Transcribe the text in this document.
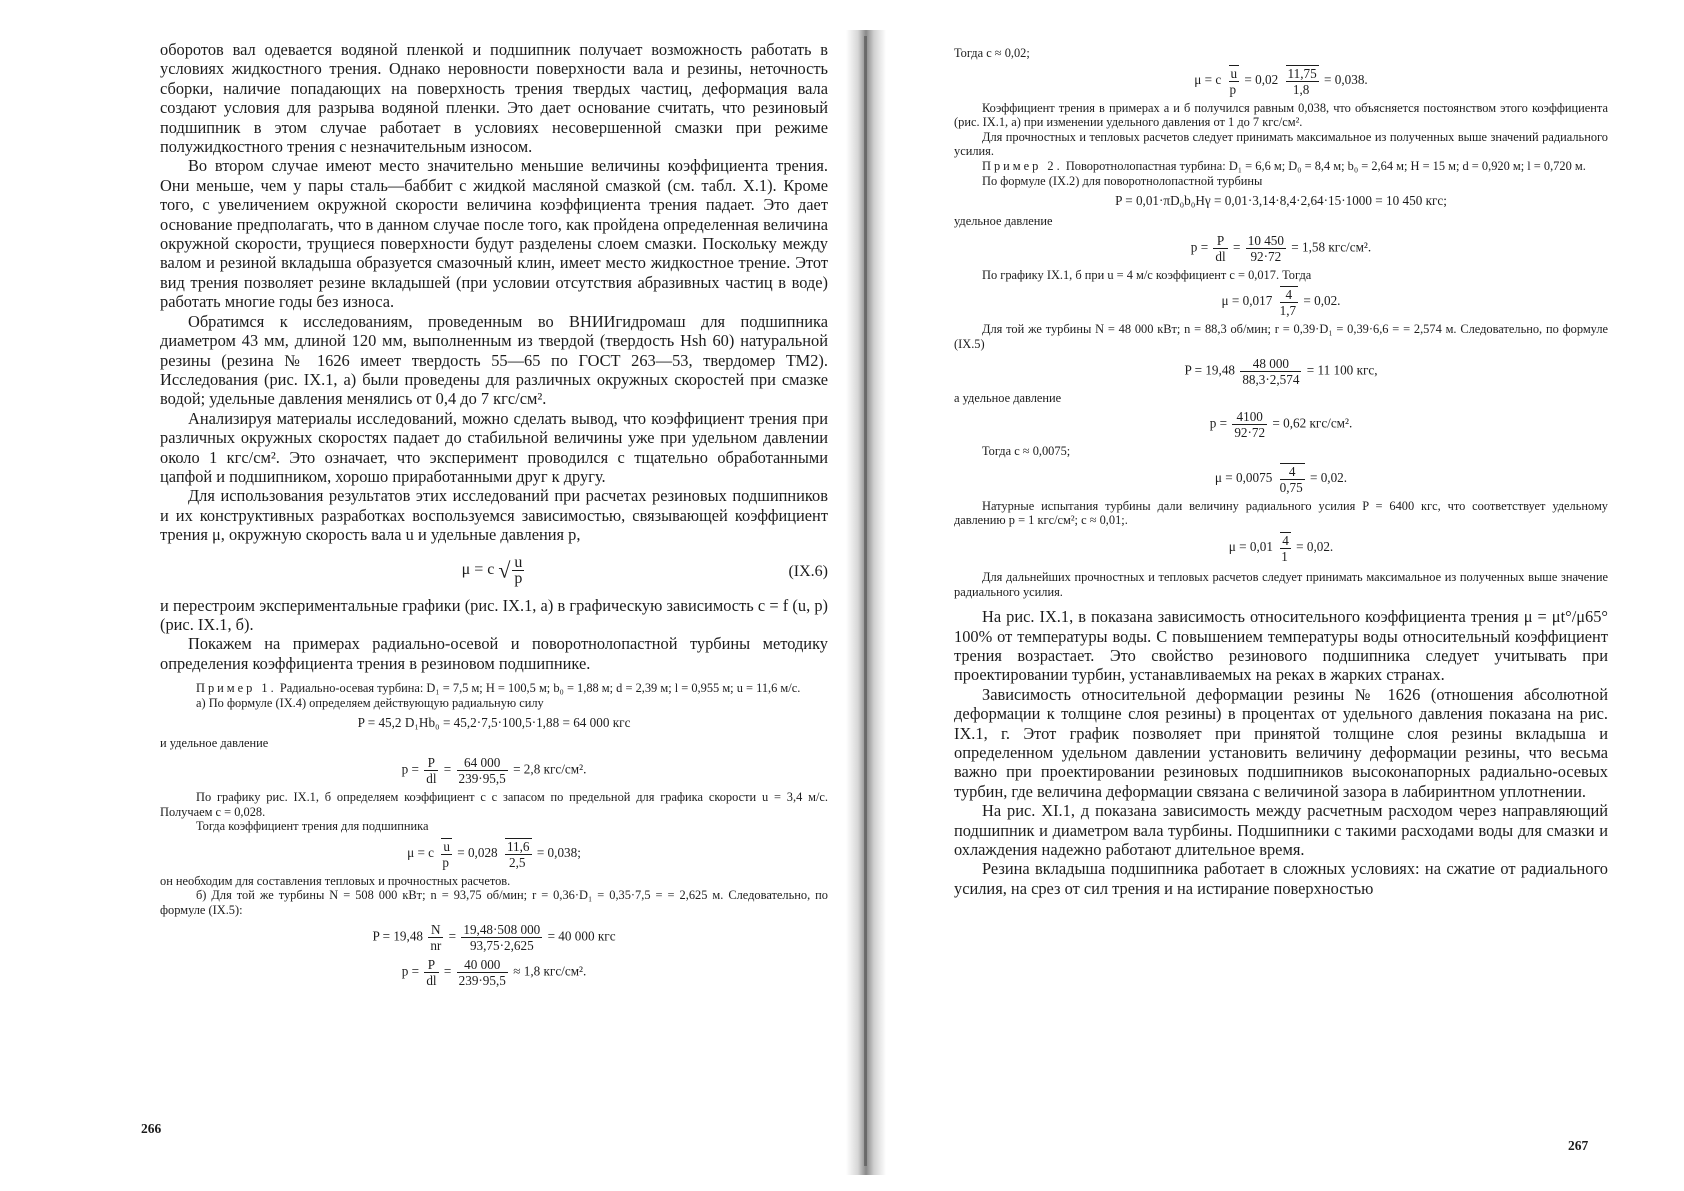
оборотов вал одевается водяной пленкой и подшипник получает возможность работать в условиях жидкостного трения. Однако неровности поверхности вала и резины, неточность сборки, наличие попадающих на поверхность трения твердых частиц, деформация вала создают условия для разрыва водяной пленки. Это дает основание считать, что резиновый подшипник в этом случае работает в условиях несовершенной смазки при режиме полужидкостного трения с незначительным износом.

Во втором случае имеют место значительно меньшие величины коэффициента трения. Они меньше, чем у пары сталь—баббит с жидкой масляной смазкой (см. табл. X.1). Кроме того, с увеличением окружной скорости величина коэффициента трения падает. Это дает основание предполагать, что в данном случае после того, как пройдена определенная величина окружной скорости, трущиеся поверхности будут разделены слоем смазки. Поскольку между валом и резиной вкладыша образуется смазочный клин, имеет место жидкостное трение. Этот вид трения позволяет резине вкладышей (при условии отсутствия абразивных частиц в воде) работать многие годы без износа.

Обратимся к исследованиям, проведенным во ВНИИгидромаш для подшипника диаметром 43 мм, длиной 120 мм, выполненным из твердой (твердость Hsh 60) натуральной резины (резина № 1626 имеет твердость 55—65 по ГОСТ 263—53, твердомер ТМ2). Исследования (рис. IX.1, а) были проведены для различных окружных скоростей при смазке водой; удельные давления менялись от 0,4 до 7 кгс/см².

Анализируя материалы исследований, можно сделать вывод, что коэффициент трения при различных окружных скоростях падает до стабильной величины уже при удельном давлении около 1 кгс/см². Это означает, что эксперимент проводился с тщательно обработанными цапфой и подшипником, хорошо приработанными друг к другу.

Для использования результатов этих исследований при расчетах резиновых подшипников и их конструктивных разработках воспользуемся зависимостью, связывающей коэффициент трения μ, окружную скорость вала u и удельные давления p,

μ = c √ $\frac{u}{p}$	(IX.6)

и перестроим экспериментальные графики (рис. IX.1, а) в графическую зависимость c = f (u, p) (рис. IX.1, б).

Покажем на примерах радиально-осевой и поворотнолопастной турбины методику определения коэффициента трения в резиновом подшипнике.

Пример 1. Радиально-осевая турбина: D₁ = 7,5 м; H = 100,5 м; b₀ = 1,88 м; d = 2,39 м; l = 0,955 м; u = 11,6 м/с.

а) По формуле (IX.4) определяем действующую радиальную силу

P = 45,2 D₁Hb₀ = 45,2·7,5·100,5·1,88 = 64 000 кгс

и удельное давление

$p = \frac{P}{dl} = \frac{64 000}{239\cdot 95,5} = 2,8$ кгс/см².

По графику рис. IX.1, б определяем коэффициент c с запасом по предельной для графика скорости u = 3,4 м/с. Получаем c = 0,028.

Тогда коэффициент трения для подшипника

μ = c $\frac{u}{p} = 0,028 \frac{11,6}{2,5} = 0,038$;

он необходим для составления тепловых и прочностных расчетов.

б) Для той же турбины N = 508 000 кВт; n = 93,75 об/мин; r = 0,36·D₁ = 0,35·7,5 = = 2,625 м. Следовательно, по формуле (IX.5):

$P = 19,48 \frac{N}{nr} = \frac{19,48\cdot 508 000}{93,75\cdot 2,625} = 40$ 000 кгс
$p = \frac{P}{dl} = \frac{40 000}{239\cdot 95,5} \approx 1,8$ кгс/см².
266

Тогда c ≈ 0,02;

μ = c $\frac{u}{p} = 0,02 \frac{11,75}{1,8} = 0,038$.

Коэффициент трения в примерах а и б получился равным 0,038, что объясняется постоянством этого коэффициента (рис. IX.1, а) при изменении удельного давления от 1 до 7 кгс/см².

Для прочностных и тепловых расчетов следует принимать максимальное из полученных выше значений радиального усилия.

Пример 2. Поворотнолопастная турбина: D₁ = 6,6 м; D₀ = 8,4 м; b₀ = 2,64 м; H = 15 м; d = 0,920 м; l = 0,720 м.

По формуле (IX.2) для поворотнолопастной турбины

P = 0,01·πD₀b₀Hγ = 0,01·3,14·8,4·2,64·15·1000 = 10 450 кгс;

удельное давление

$p = \frac{P}{dl} = \frac{10 450}{92\cdot 72} = 1,58$ кгс/см².

По графику IX.1, б при u = 4 м/с коэффициент c = 0,017. Тогда

$\mu = 0,017 \frac{4}{1,7} = 0,02$.

Для той же турбины N = 48 000 кВт; n = 88,3 об/мин; r = 0,39·D₁ = 0,39·6,6 = = 2,574 м. Следовательно, по формуле (IX.5)

$P = 19,48 \frac{48 000}{88,3\cdot 2,574} = 11$ 100 кгс,

а удельное давление

$p = \frac{4100}{92\cdot 72} = 0,62$ кгс/см².

Тогда c ≈ 0,0075;

$\mu = 0,0075 \frac{4}{0,75} = 0,02$.

Натурные испытания турбины дали величину радиального усилия P = 6400 кгс, что соответствует удельному давлению p = 1 кгс/см²; c ≈ 0,01;.

$\mu = 0,01 \frac{4}{1} = 0,02$.

Для дальнейших прочностных и тепловых расчетов следует принимать максимальное из полученных выше значение радиального усилия.

На рис. IX.1, в показана зависимость относительного коэффициента трения μ = μt°/μ65° 100% от температуры воды. С повышением температуры воды относительный коэффициент трения возрастает. Это свойство резинового подшипника следует учитывать при проектировании турбин, устанавливаемых на реках в жарких странах.

Зависимость относительной деформации резины № 1626 (отношения абсолютной деформации к толщине слоя резины) в процентах от удельного давления показана на рис. IX.1, г. Этот график позволяет при принятой толщине слоя резины вкладыша и определенном удельном давлении установить величину деформации резины, что весьма важно при проектировании резиновых подшипников высоконапорных радиально-осевых турбин, где величина деформации связана с величиной зазора в лабиринтном уплотнении.

На рис. XI.1, д показана зависимость между расчетным расходом через направляющий подшипник и диаметром вала турбины. Подшипники с такими расходами воды для смазки и охлаждения надежно работают длительное время.

Резина вкладыша подшипника работает в сложных условиях: на сжатие от радиального усилия, на срез от сил трения и на истирание поверхностью

267
